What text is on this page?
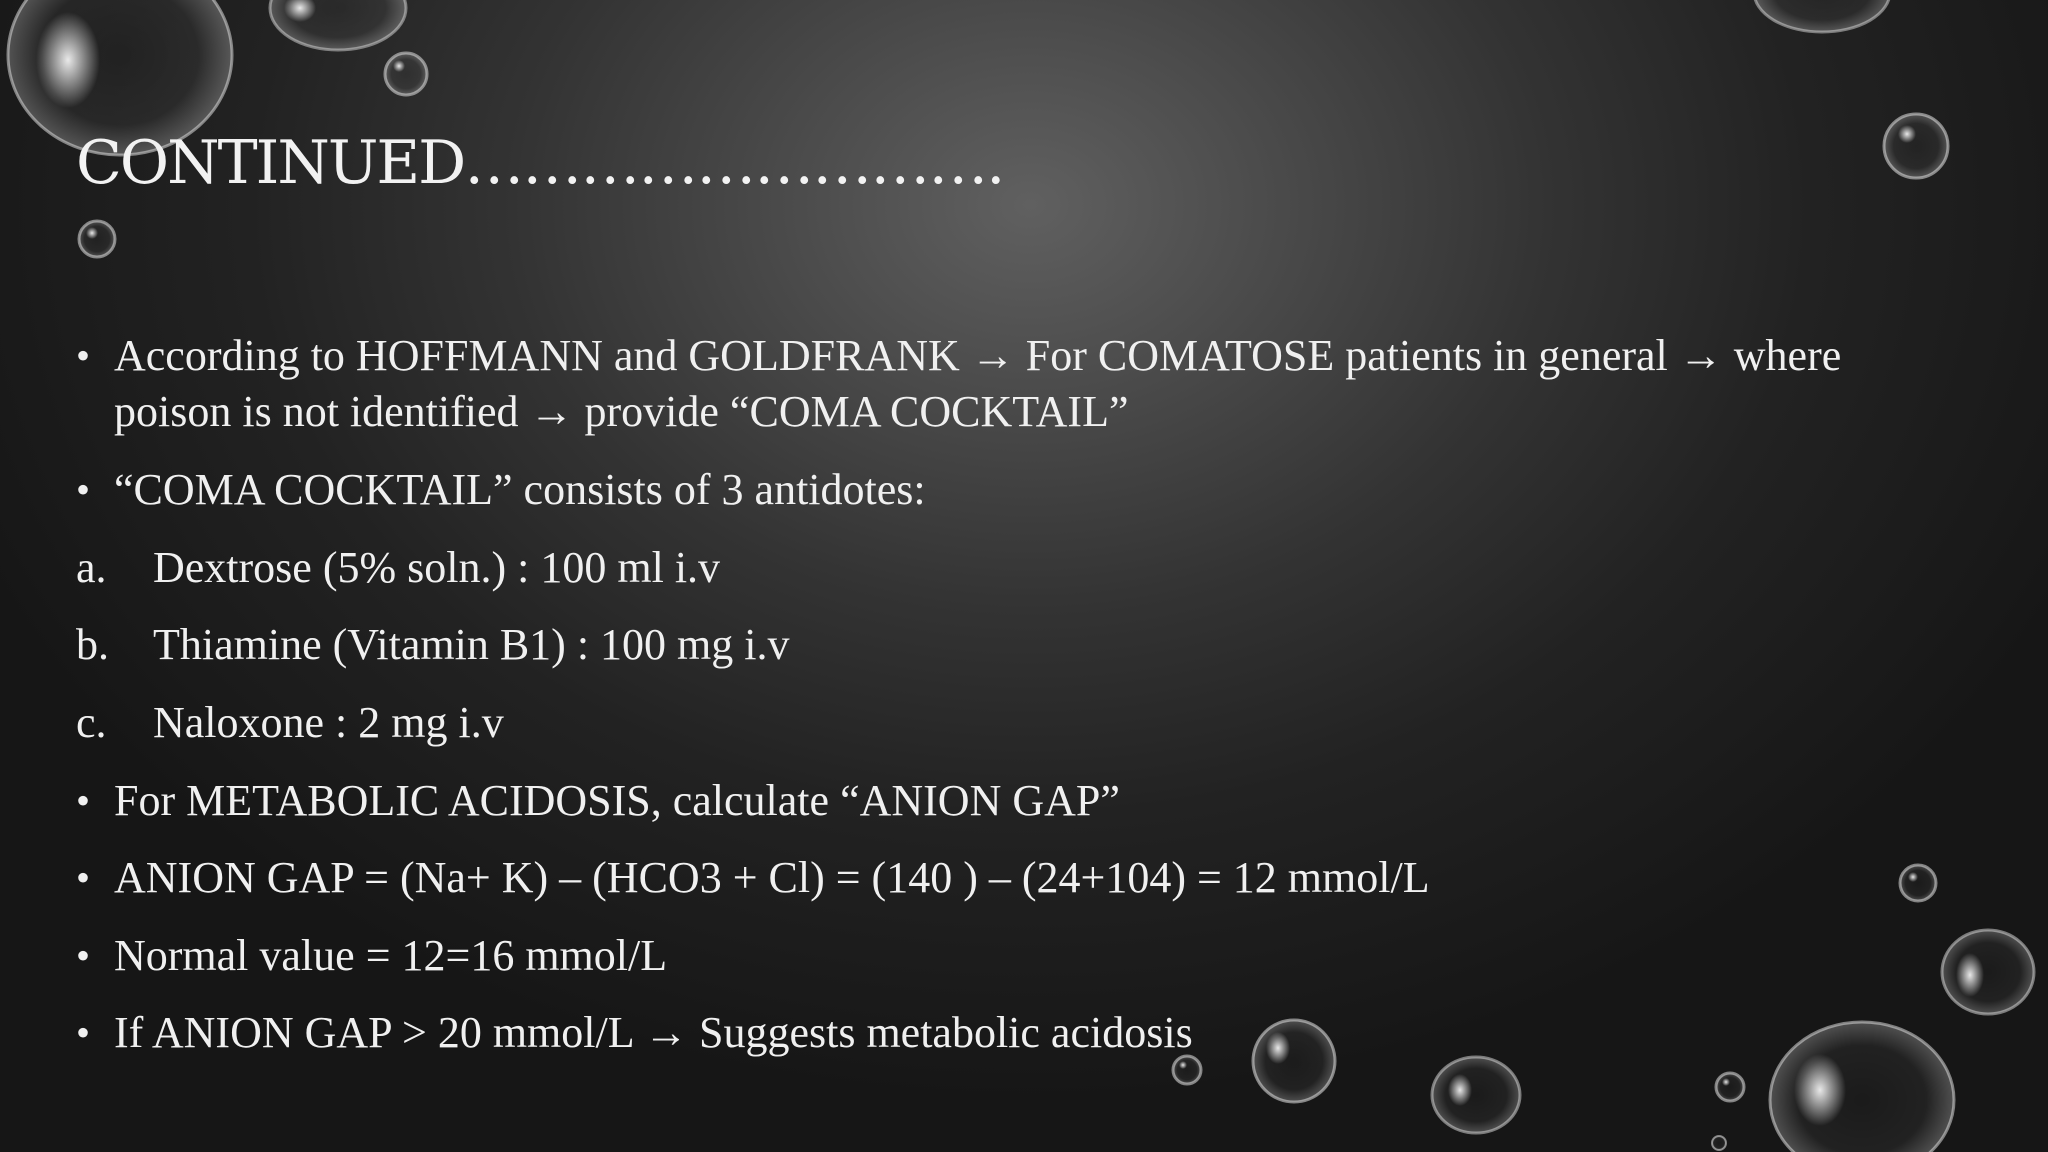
CONTINUED……………………….
• According to HOFFMANN and GOLDFRANK → For COMATOSE patients in general → where
poison is not identified → provide “COMA COCKTAIL”
• “COMA COCKTAIL” consists of 3 antidotes:
a. Dextrose (5% soln.) : 100 ml i.v
b. Thiamine (Vitamin B1) : 100 mg i.v
c. Naloxone : 2 mg i.v
• For METABOLIC ACIDOSIS, calculate “ANION GAP”
• ANION GAP = (Na+ K) – (HCO3 + Cl) = (140 ) – (24+104) = 12 mmol/L
• Normal value = 12=16 mmol/L
• If ANION GAP > 20 mmol/L → Suggests metabolic acidosis
